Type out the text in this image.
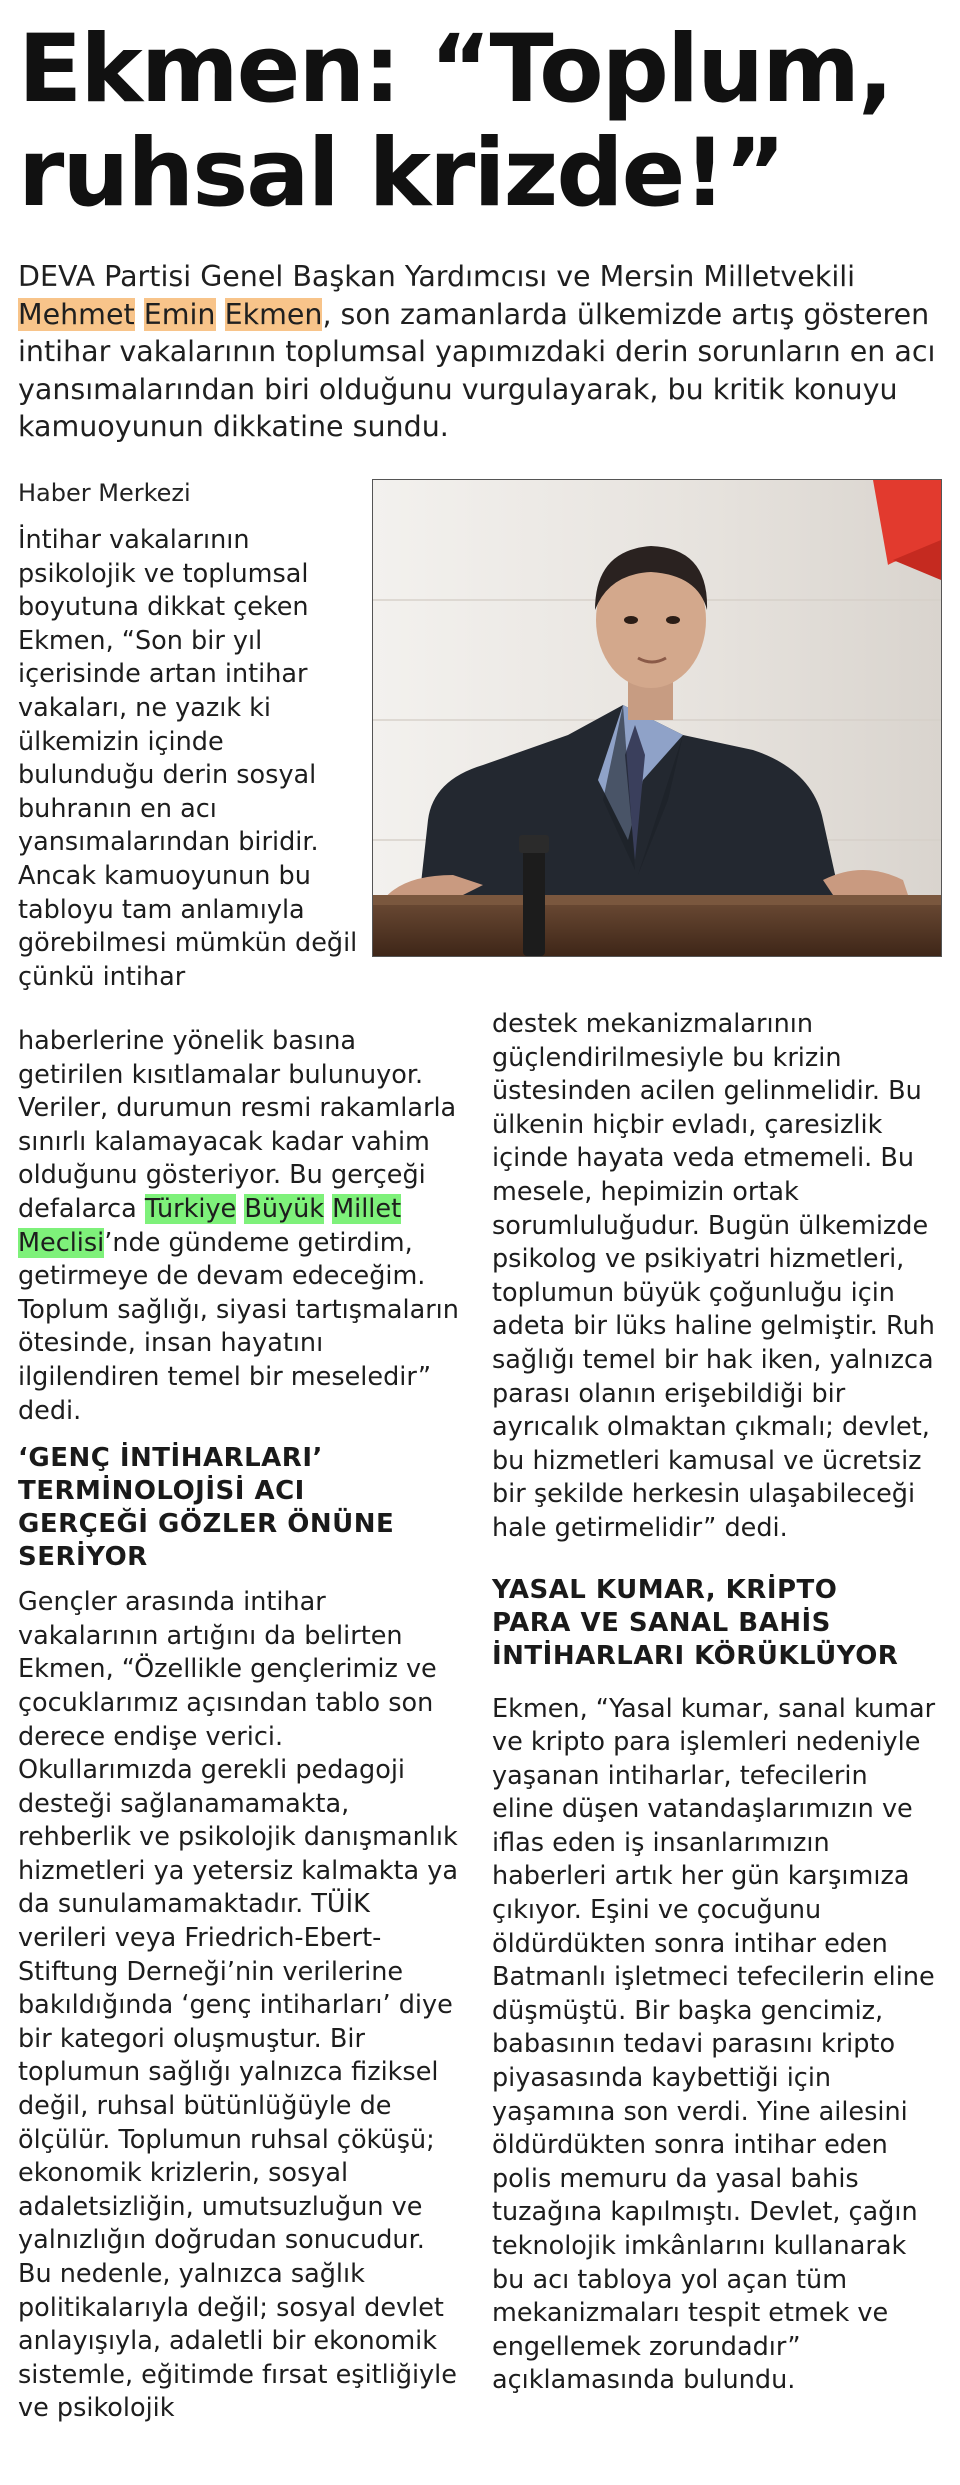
Ekmen: “Toplum,
ruhsal krizde!”

DEVA Partisi Genel Başkan Yardımcısı ve Mersin Milletvekili Mehmet Emin Ekmen, son zamanlarda ülkemizde artış gösteren intihar vakalarının toplumsal yapımızdaki derin sorunların en acı yansımalarından biri olduğunu vurgulayarak, bu kritik konuyu kamuoyunun dikkatine sundu.

Haber Merkezi

İntihar vakalarının psikolojik ve toplumsal boyutuna dikkat çeken Ekmen, “Son bir yıl içerisinde artan intihar vakaları, ne yazık ki ülkemizin içinde bulunduğu derin sosyal buhranın en acı yansımalarından biridir. Ancak kamuoyunun bu tabloyu tam anlamıyla görebilmesi mümkün değil çünkü intihar

haberlerine yönelik basına getirilen kısıtlamalar bulunuyor. Veriler, durumun resmi rakamlarla sınırlı kalamayacak kadar vahim olduğunu gösteriyor. Bu gerçeği defalarca Türkiye Büyük Millet Meclisi’nde gündeme getirdim, getirmeye de devam edeceğim. Toplum sağlığı, siyasi tartışmaların ötesinde, insan hayatını ilgilendiren temel bir meseledir” dedi.

‘GENÇ İNTİHARLARI’ TERMİNOLOJİSİ ACI GERÇEĞİ GÖZLER ÖNÜNE SERİYOR

Gençler arasında intihar vakalarının artığını da belirten Ekmen, “Özellikle gençlerimiz ve çocuklarımız açısından tablo son derece endişe verici. Okullarımızda gerekli pedagoji desteği sağlanamamakta, rehberlik ve psikolojik danışmanlık hizmetleri ya yetersiz kalmakta ya da sunulamamaktadır. TÜİK verileri veya Friedrich-Ebert-Stiftung Derneği’nin verilerine bakıldığında ‘genç intiharları’ diye bir kategori oluşmuştur. Bir toplumun sağlığı yalnızca fiziksel değil, ruhsal bütünlüğüyle de ölçülür. Toplumun ruhsal çöküşü; ekonomik krizlerin, sosyal adaletsizliğin, umutsuzluğun ve yalnızlığın doğrudan sonucudur. Bu nedenle, yalnızca sağlık politikalarıyla değil; sosyal devlet anlayışıyla, adaletli bir ekonomik sistemle, eğitimde fırsat eşitliğiyle ve psikolojik

destek mekanizmalarının güçlendirilmesiyle bu krizin üstesinden acilen gelinmelidir. Bu ülkenin hiçbir evladı, çaresizlik içinde hayata veda etmemeli. Bu mesele, hepimizin ortak sorumluluğudur. Bugün ülkemizde psikolog ve psikiyatri hizmetleri, toplumun büyük çoğunluğu için adeta bir lüks haline gelmiştir. Ruh sağlığı temel bir hak iken, yalnızca parası olanın erişebildiği bir ayrıcalık olmaktan çıkmalı; devlet, bu hizmetleri kamusal ve ücretsiz bir şekilde herkesin ulaşabileceği hale getirmelidir” dedi.

YASAL KUMAR, KRİPTO PARA VE SANAL BAHİS İNTİHARLARI KÖRÜKLÜYOR

Ekmen, “Yasal kumar, sanal kumar ve kripto para işlemleri nedeniyle yaşanan intiharlar, tefecilerin eline düşen vatandaşlarımızın ve iflas eden iş insanlarımızın haberleri artık her gün karşımıza çıkıyor. Eşini ve çocuğunu öldürdükten sonra intihar eden Batmanlı işletmeci tefecilerin eline düşmüştü. Bir başka gencimiz, babasının tedavi parasını kripto piyasasında kaybettiği için yaşamına son verdi. Yine ailesini öldürdükten sonra intihar eden polis memuru da yasal bahis tuzağına kapılmıştı. Devlet, çağın teknolojik imkânlarını kullanarak bu acı tabloya yol açan tüm mekanizmaları tespit etmek ve engellemek zorundadır” açıklamasında bulundu.
